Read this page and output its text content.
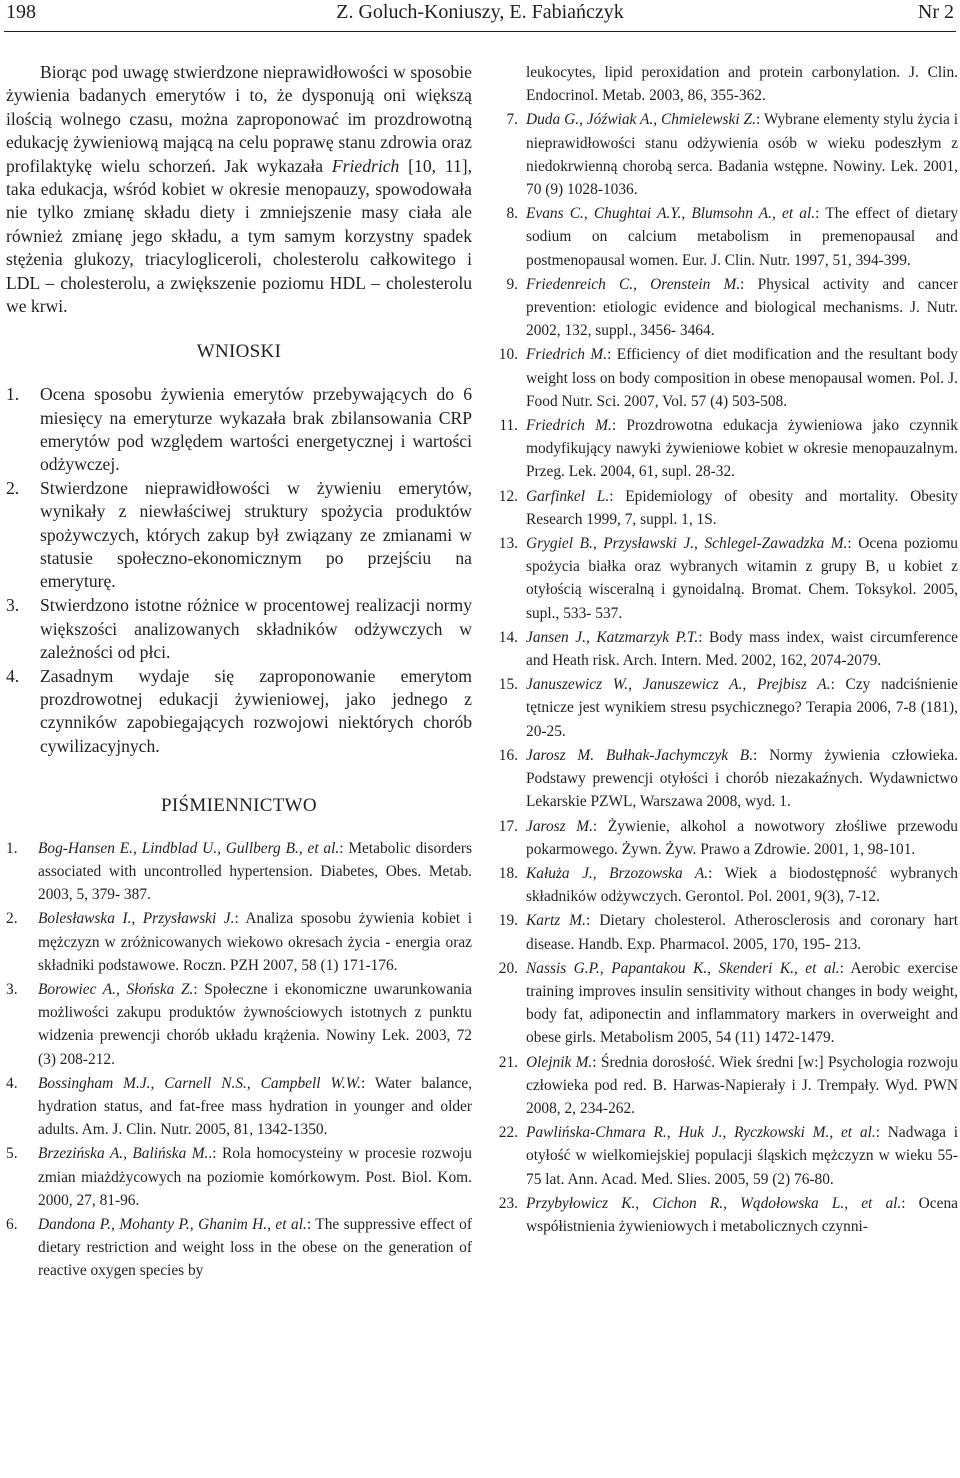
198	Z. Goluch-Koniuszy, E. Fabiańczyk	Nr 2

Biorąc pod uwagę stwierdzone nieprawidłowości w sposobie żywienia badanych emerytów i to, że dysponują oni większą ilością wolnego czasu, można zaproponować im prozdrowotną edukację żywieniową mającą na celu poprawę stanu zdrowia oraz profilaktykę wielu schorzeń. Jak wykazała Friedrich [10, 11], taka edukacja, wśród kobiet w okresie menopauzy, spowodowała nie tylko zmianę składu diety i zmniejszenie masy ciała ale również zmianę jego składu, a tym samym korzystny spadek stężenia glukozy, triacylogliceroli, cholesterolu całkowitego i LDL – cholesterolu, a zwiększenie poziomu HDL – cholesterolu we krwi.

WNIOSKI
1. Ocena sposobu żywienia emerytów przebywających do 6 miesięcy na emeryturze wykazała brak zbilansowania CRP emerytów pod względem wartości energetycznej i wartości odżywczej.
2. Stwierdzone nieprawidłowości w żywieniu emerytów, wynikały z niewłaściwej struktury spożycia produktów spożywczych, których zakup był związany ze zmianami w statusie społeczno-ekonomicznym po przejściu na emeryturę.
3. Stwierdzono istotne różnice w procentowej realizacji normy większości analizowanych składników odżywczych w zależności od płci.
4. Zasadnym wydaje się zaproponowanie emerytom prozdrowotnej edukacji żywieniowej, jako jednego z czynników zapobiegających rozwojowi niektórych chorób cywilizacyjnych.
PIŚMIENNICTWO
1. Bog-Hansen E., Lindblad U., Gullberg B., et al.: Metabolic disorders associated with uncontrolled hypertension. Diabetes, Obes. Metab. 2003, 5, 379- 387.
2. Bolesławska I., Przysławski J.: Analiza sposobu żywienia kobiet i mężczyzn w zróżnicowanych wiekowo okresach życia - energia oraz składniki podstawowe. Roczn. PZH 2007, 58 (1) 171-176.
3. Borowiec A., Słońska Z.: Społeczne i ekonomiczne uwarunkowania możliwości zakupu produktów żywnościowych istotnych z punktu widzenia prewencji chorób układu krążenia. Nowiny Lek. 2003, 72 (3) 208-212.
4. Bossingham M.J., Carnell N.S., Campbell W.W.: Water balance, hydration status, and fat-free mass hydration in younger and older adults. Am. J. Clin. Nutr. 2005, 81, 1342-1350.
5. Brzezińska A., Balińska M..: Rola homocysteiny w procesie rozwoju zmian miażdżycowych na poziomie komórkowym. Post. Biol. Kom. 2000, 27, 81-96.
6. Dandona P., Mohanty P., Ghanim H., et al.: The suppressive effect of dietary restriction and weight loss in the obese on the generation of reactive oxygen species by
leukocytes, lipid peroxidation and protein carbonylation. J. Clin. Endocrinol. Metab. 2003, 86, 355-362.
7. Duda G., Jóźwiak A., Chmielewski Z.: Wybrane elementy stylu życia i nieprawidłowości stanu odżywienia osób w wieku podeszłym z niedokrwienną chorobą serca. Badania wstępne. Nowiny. Lek. 2001, 70 (9) 1028-1036.
8. Evans C., Chughtai A.Y., Blumsohn A., et al.: The effect of dietary sodium on calcium metabolism in premenopausal and postmenopausal women. Eur. J. Clin. Nutr. 1997, 51, 394-399.
9. Friedenreich C., Orenstein M.: Physical activity and cancer prevention: etiologic evidence and biological mechanisms. J. Nutr. 2002, 132, suppl., 3456- 3464.
10. Friedrich M.: Efficiency of diet modification and the resultant body weight loss on body composition in obese menopausal women. Pol. J. Food Nutr. Sci. 2007, Vol. 57 (4) 503-508.
11. Friedrich M.: Prozdrowotna edukacja żywieniowa jako czynnik modyfikujący nawyki żywieniowe kobiet w okresie menopauzalnym. Przeg. Lek. 2004, 61, supl. 28-32.
12. Garfinkel L.: Epidemiology of obesity and mortality. Obesity Research 1999, 7, suppl. 1, 1S.
13. Grygiel B., Przysławski J., Schlegel-Zawadzka M.: Ocena poziomu spożycia białka oraz wybranych witamin z grupy B, u kobiet z otyłością wisceralną i gynoidalną. Bromat. Chem. Toksykol. 2005, supl., 533- 537.
14. Jansen J., Katzmarzyk P.T.: Body mass index, waist circumference and Heath risk. Arch. Intern. Med. 2002, 162, 2074-2079.
15. Januszewicz W., Januszewicz A., Prejbisz A.: Czy nadciśnienie tętnicze jest wynikiem stresu psychicznego? Terapia 2006, 7-8 (181), 20-25.
16. Jarosz M. Bułhak-Jachymczyk B.: Normy żywienia człowieka. Podstawy prewencji otyłości i chorób niezakaźnych. Wydawnictwo Lekarskie PZWL, Warszawa 2008, wyd. 1.
17. Jarosz M.: Żywienie, alkohol a nowotwory złośliwe przewodu pokarmowego. Żywn. Żyw. Prawo a Zdrowie. 2001, 1, 98-101.
18. Kałuża J., Brzozowska A.: Wiek a biodostępność wybranych składników odżywczych. Gerontol. Pol. 2001, 9(3), 7-12.
19. Kartz M.: Dietary cholesterol. Atherosclerosis and coronary hart disease. Handb. Exp. Pharmacol. 2005, 170, 195- 213.
20. Nassis G.P., Papantakou K., Skenderi K., et al.: Aerobic exercise training improves insulin sensitivity without changes in body weight, body fat, adiponectin and inflammatory markers in overweight and obese girls. Metabolism 2005, 54 (11) 1472-1479.
21. Olejnik M.: Średnia dorosłość. Wiek średni [w:] Psychologia rozwoju człowieka pod red. B. Harwas-Napierały i J. Trempały. Wyd. PWN 2008, 2, 234-262.
22. Pawlińska-Chmara R., Huk J., Ryczkowski M., et al.: Nadwaga i otyłość w wielkomiejskiej populacji śląskich mężczyzn w wieku 55-75 lat. Ann. Acad. Med. Slies. 2005, 59 (2) 76-80.
23. Przybyłowicz K., Cichon R., Wądołowska L., et al.: Ocena współistnienia żywieniowych i metabolicznych czynni-
